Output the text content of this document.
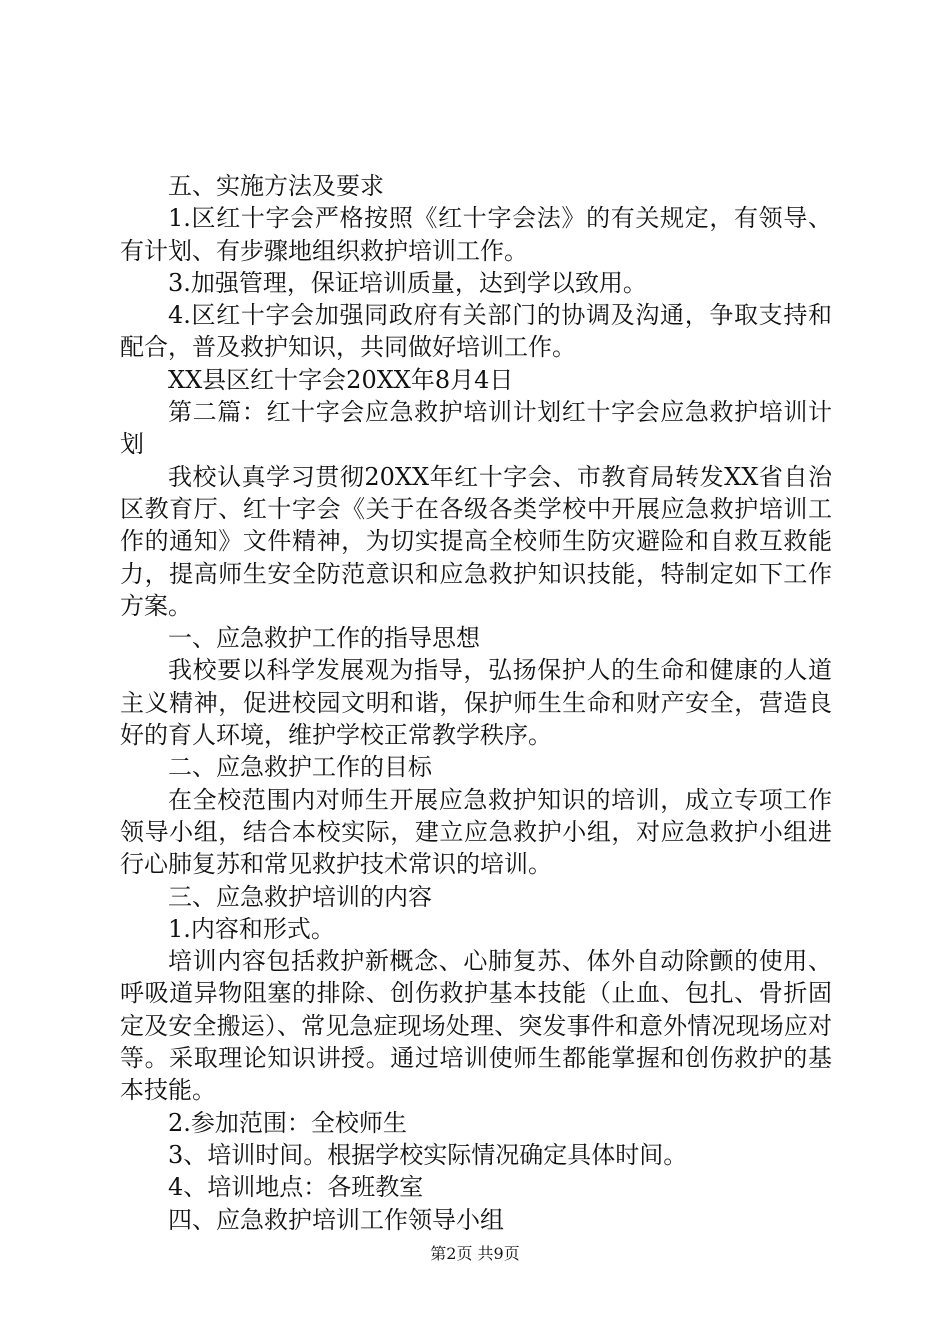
五、实施方法及要求

1.区红十字会严格按照《红十字会法》的有关规定，有领导、有计划、有步骤地组织救护培训工作。

3.加强管理，保证培训质量，达到学以致用。

4.区红十字会加强同政府有关部门的协调及沟通，争取支持和配合，普及救护知识，共同做好培训工作。

XX县区红十字会20XX年8月4日

第二篇：红十字会应急救护培训计划红十字会应急救护培训计划

我校认真学习贯彻20XX年红十字会、市教育局转发XX省自治区教育厅、红十字会《关于在各级各类学校中开展应急救护培训工作的通知》文件精神，为切实提高全校师生防灾避险和自救互救能力，提高师生安全防范意识和应急救护知识技能，特制定如下工作方案。

一、应急救护工作的指导思想

我校要以科学发展观为指导，弘扬保护人的生命和健康的人道主义精神，促进校园文明和谐，保护师生生命和财产安全，营造良好的育人环境，维护学校正常教学秩序。

二、应急救护工作的目标

在全校范围内对师生开展应急救护知识的培训，成立专项工作领导小组，结合本校实际，建立应急救护小组，对应急救护小组进行心肺复苏和常见救护技术常识的培训。

三、应急救护培训的内容

1.内容和形式。

培训内容包括救护新概念、心肺复苏、体外自动除颤的使用、呼吸道异物阻塞的排除、创伤救护基本技能（止血、包扎、骨折固定及安全搬运）、常见急症现场处理、突发事件和意外情况现场应对等。采取理论知识讲授。通过培训使师生都能掌握和创伤救护的基本技能。

2.参加范围：全校师生

3、培训时间。根据学校实际情况确定具体时间。

4、培训地点：各班教室

四、应急救护培训工作领导小组

第2页 共9页
